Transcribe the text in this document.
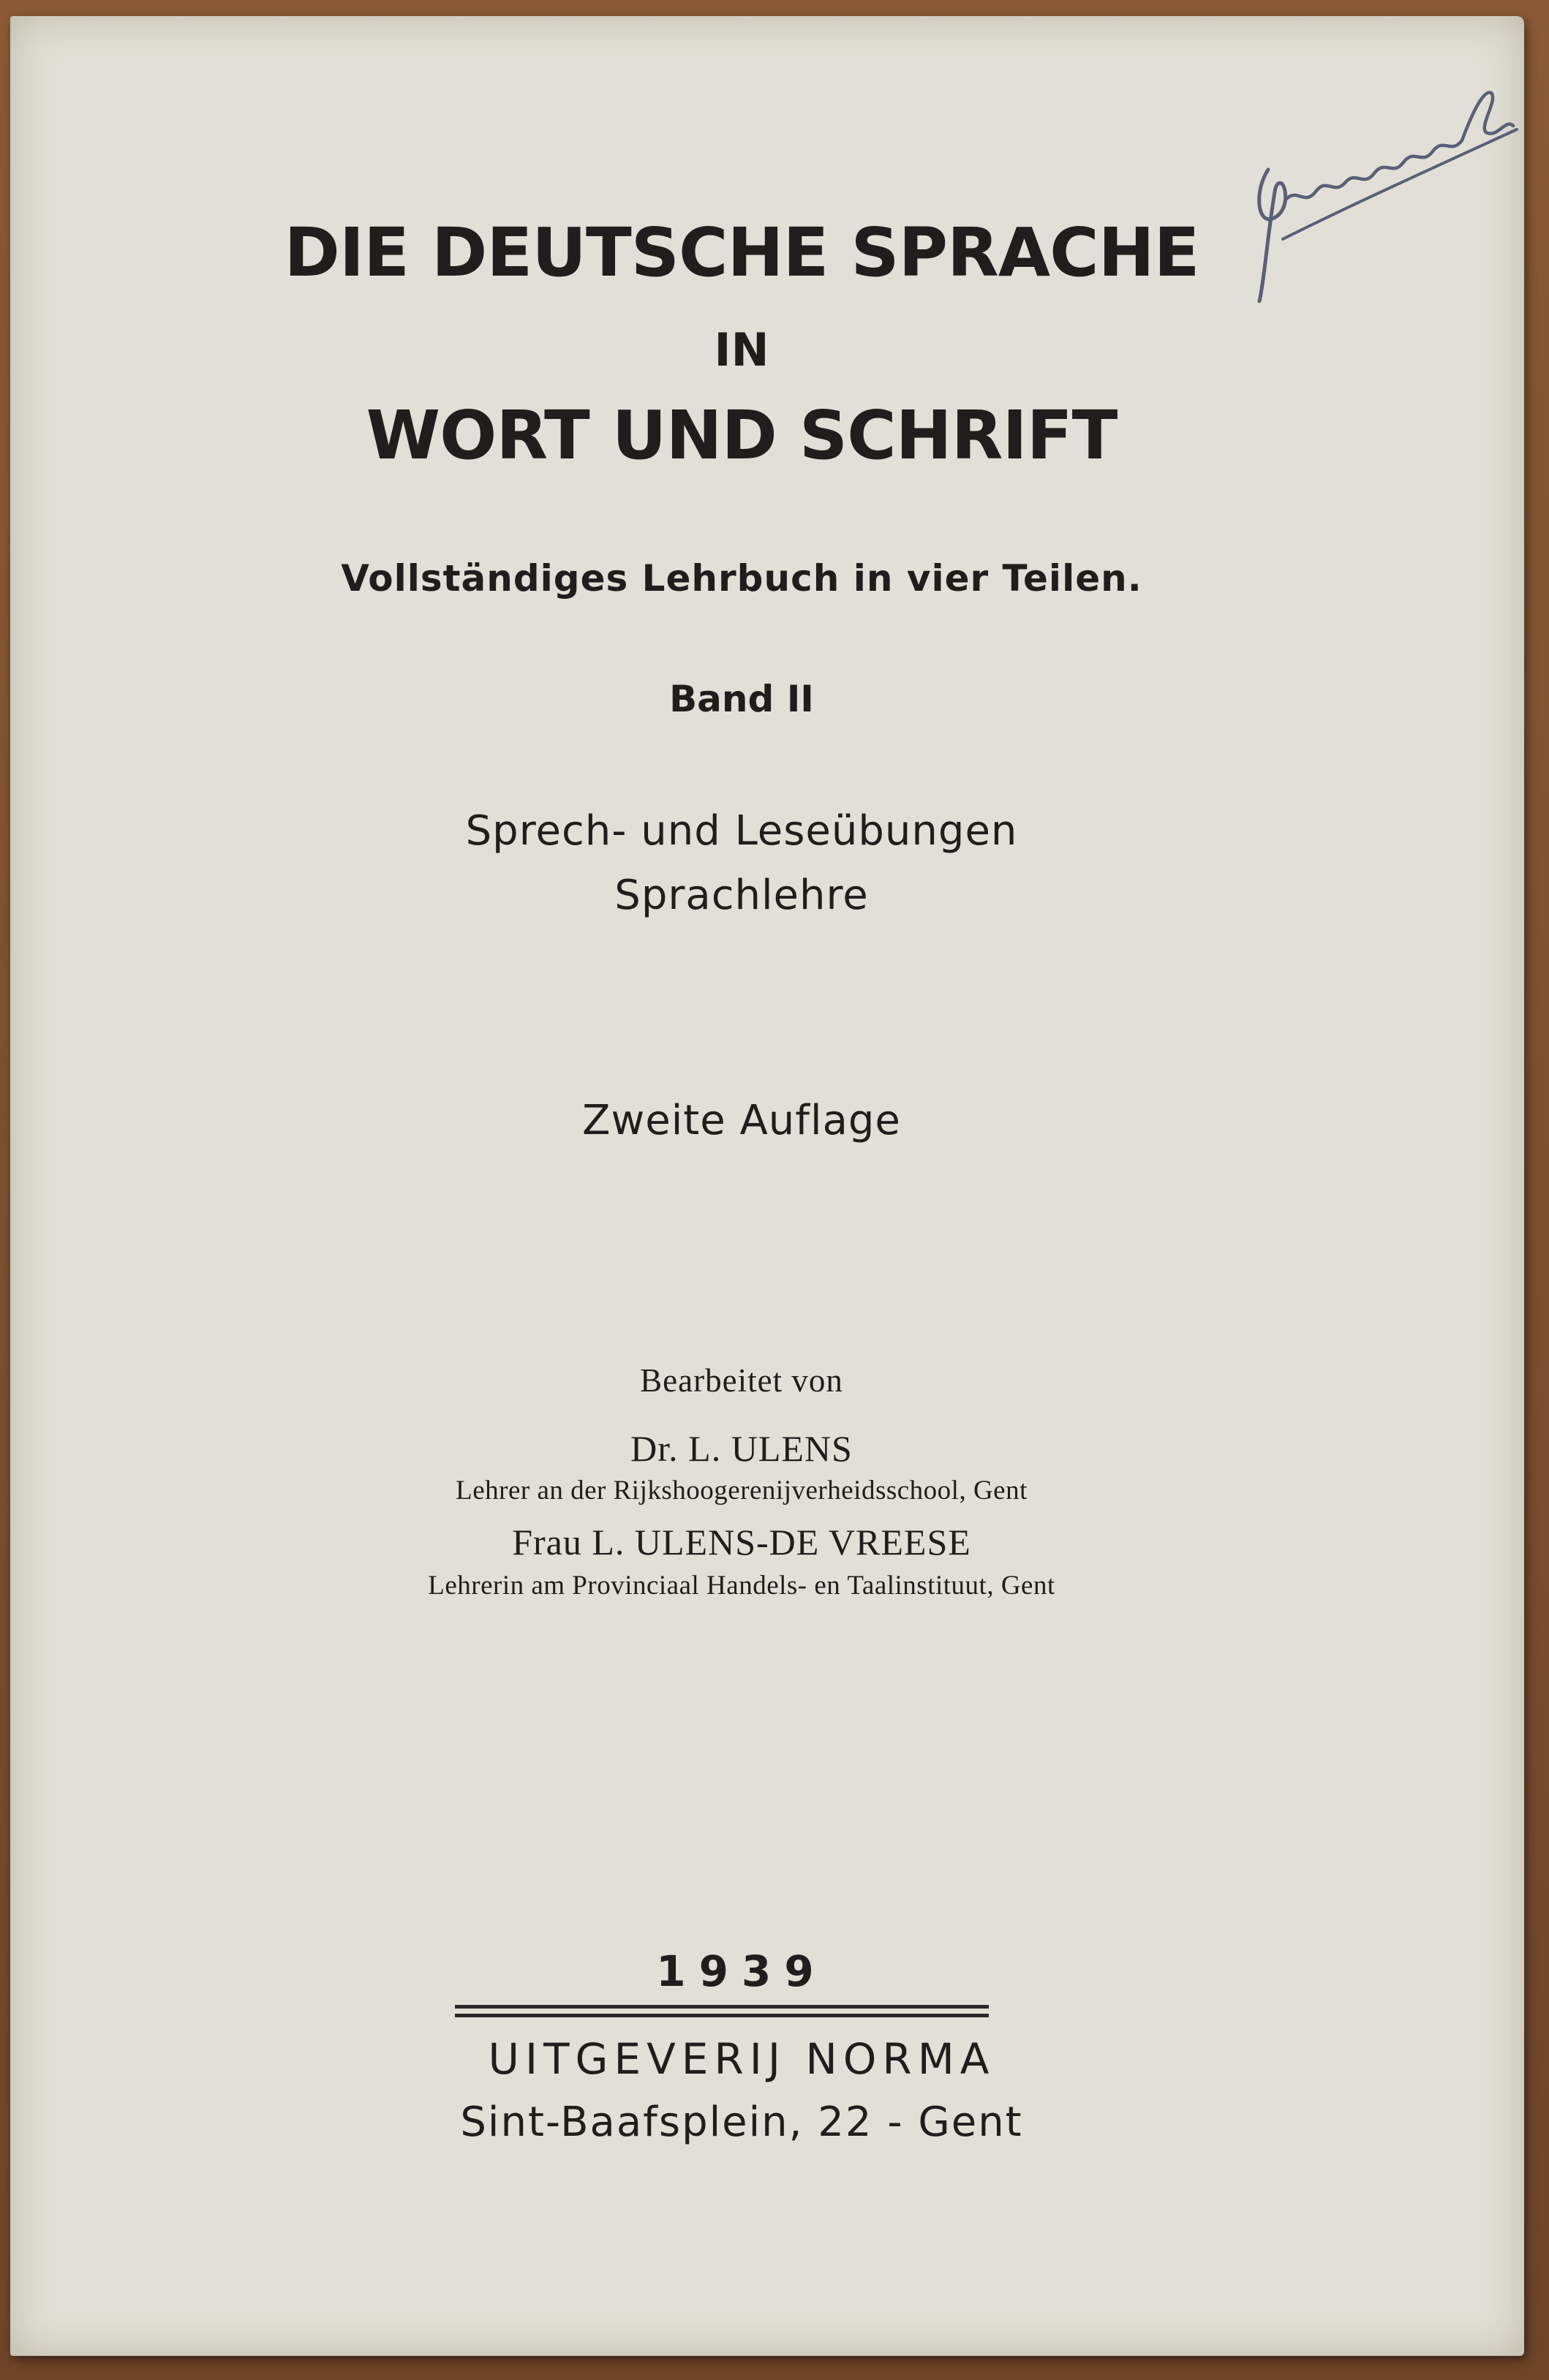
DIE DEUTSCHE SPRACHE
IN
WORT UND SCHRIFT
Vollständiges Lehrbuch in vier Teilen.
Band II
Sprech- und Leseübungen
Sprachlehre
Zweite Auflage
Bearbeitet von
Dr. L. ULENS
Lehrer an der Rijkshoogerenijverheidsschool, Gent
Frau L. ULENS-DE VREESE
Lehrerin am Provinciaal Handels- en Taalinstituut, Gent
1939
UITGEVERIJ NORMA
Sint-Baafsplein, 22 - Gent
